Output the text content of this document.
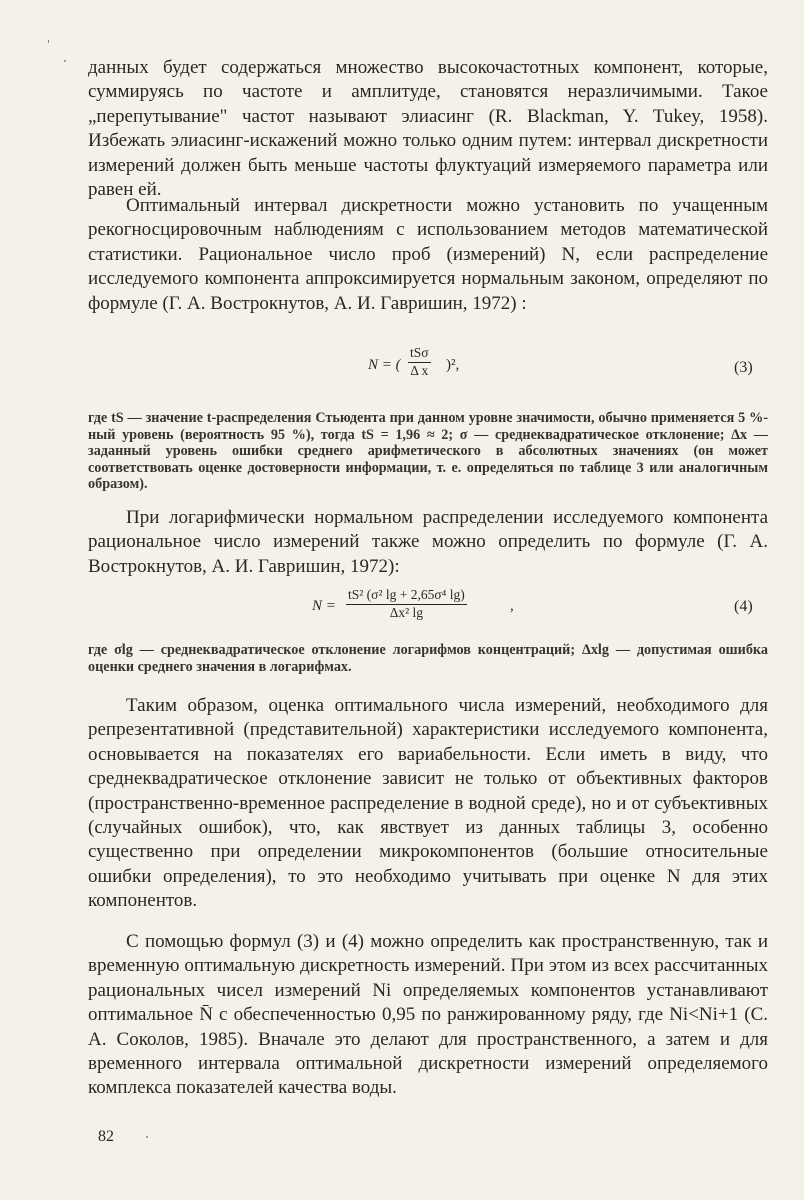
данных будет содержаться множество высокочастотных компонент, которые, суммируясь по частоте и амплитуде, становятся неразличимыми. Такое „перепутывание" частот называют элиасинг (R. Blackman, Y. Tukey, 1958). Избежать элиасинг-искажений можно только одним путем: интервал дискретности измерений должен быть меньше частоты флуктуаций измеряемого параметра или равен ей.

Оптимальный интервал дискретности можно установить по учащенным рекогносцировочным наблюдениям с использованием методов математической статистики. Рациональное число проб (измерений) N, если распределение исследуемого компонента аппроксимируется нормальным законом, определяют по формуле (Г. А. Вострокнутов, А. И. Гавришин, 1972) :

N = (
tSσ
Δ x )²,	(3)

где tS — значение t-распределения Стьюдента при данном уровне значимости, обычно применяется 5 %-ный уровень (вероятность 95 %), тогда tS = 1,96 ≈ 2; σ — среднеквадратическое отклонение; Δx — заданный уровень ошибки среднего арифметического в абсолютных значениях (он может соответствовать оценке достоверности информации, т. е. определяться по таблице 3 или аналогичным образом).

При логарифмически нормальном распределении исследуемого компонента рациональное число измерений также можно определить по формуле (Г. А. Вострокнутов, А. И. Гавришин, 1972):

$N = \frac{\text{tS² (σ² lg + 2,65σ⁴ lg)}}{\text{Δx² lg}}$	,	(4)

где σlg — среднеквадратическое отклонение логарифмов концентраций; Δxlg — допустимая ошибка оценки среднего значения в логарифмах.

Таким образом, оценка оптимального числа измерений, необходимого для репрезентативной (представительной) характеристики исследуемого компонента, основывается на показателях его вариабельности. Если иметь в виду, что среднеквадратическое отклонение зависит не только от объективных факторов (пространственно-временное распределение в водной среде), но и от субъективных (случайных ошибок), что, как явствует из данных таблицы 3, особенно существенно при определении микрокомпонентов (большие относительные ошибки определения), то это необходимо учитывать при оценке N для этих компонентов.

С помощью формул (3) и (4) можно определить как пространственную, так и временную оптимальную дискретность измерений. При этом из всех рассчитанных рациональных чисел измерений Ni определяемых компонентов устанавливают оптимальное N̄ с обеспеченностью 0,95 по ранжированному ряду, где Ni<Ni+1 (С. А. Соколов, 1985). Вначале это делают для пространственного, а затем и для временного интервала оптимальной дискретности измерений определяемого комплекса показателей качества воды.

82
